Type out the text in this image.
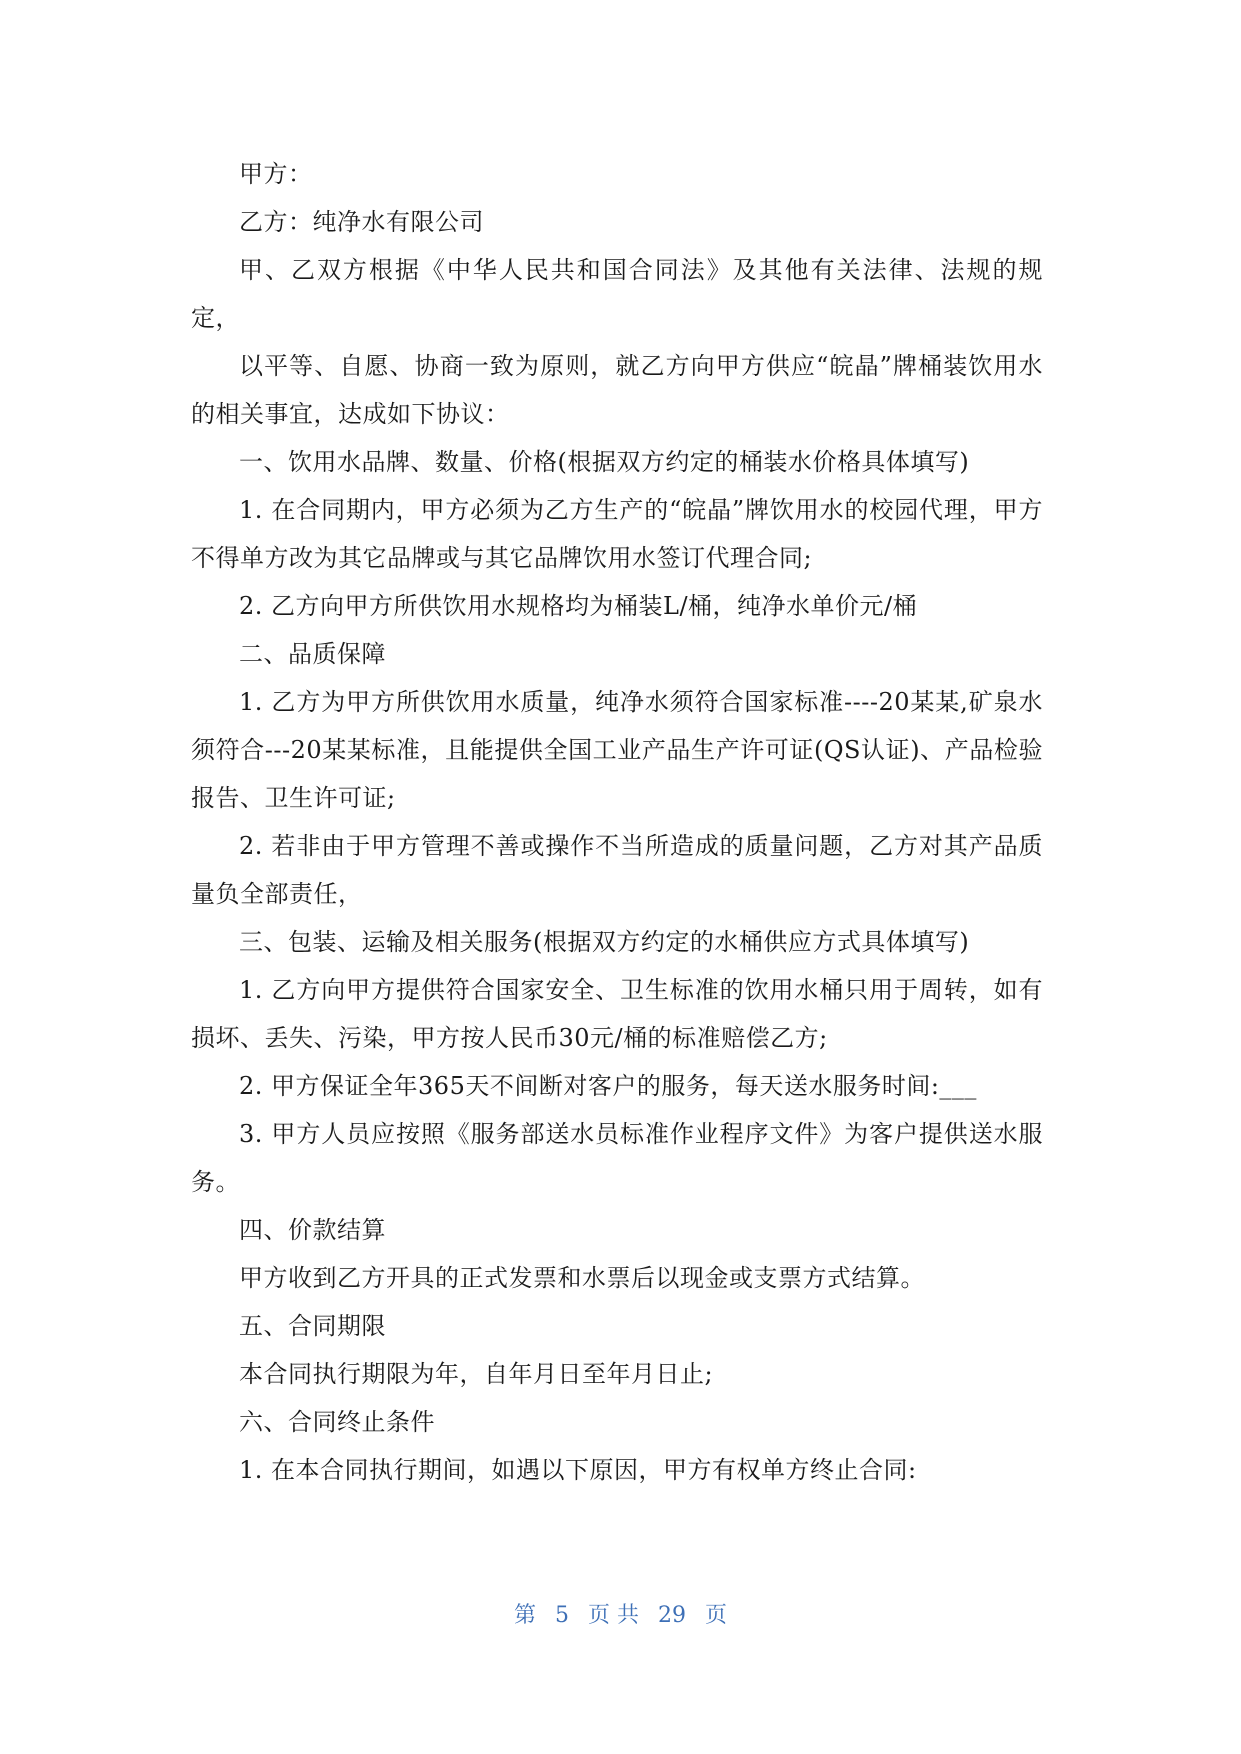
甲方：

乙方：纯净水有限公司

甲、乙双方根据《中华人民共和国合同法》及其他有关法律、法规的规定，

以平等、自愿、协商一致为原则，就乙方向甲方供应“皖晶”牌桶装饮用水的相关事宜，达成如下协议：

一、饮用水品牌、数量、价格(根据双方约定的桶装水价格具体填写)

1. 在合同期内，甲方必须为乙方生产的“皖晶”牌饮用水的校园代理，甲方不得单方改为其它品牌或与其它品牌饮用水签订代理合同;

2. 乙方向甲方所供饮用水规格均为桶装L/桶，纯净水单价元/桶

二、品质保障

1. 乙方为甲方所供饮用水质量，纯净水须符合国家标准----20某某,矿泉水须符合---20某某标准，且能提供全国工业产品生产许可证(QS认证)、产品检验报告、卫生许可证;

2. 若非由于甲方管理不善或操作不当所造成的质量问题，乙方对其产品质量负全部责任，

三、包装、运输及相关服务(根据双方约定的水桶供应方式具体填写)

1. 乙方向甲方提供符合国家安全、卫生标准的饮用水桶只用于周转，如有损坏、丢失、污染，甲方按人民币30元/桶的标准赔偿乙方;

2. 甲方保证全年365天不间断对客户的服务，每天送水服务时间:___

3. 甲方人员应按照《服务部送水员标准作业程序文件》为客户提供送水服务。

四、价款结算

甲方收到乙方开具的正式发票和水票后以现金或支票方式结算。

五、合同期限

本合同执行期限为年，自年月日至年月日止;

六、合同终止条件

1. 在本合同执行期间，如遇以下原因，甲方有权单方终止合同:

第 5 页 共 29 页
